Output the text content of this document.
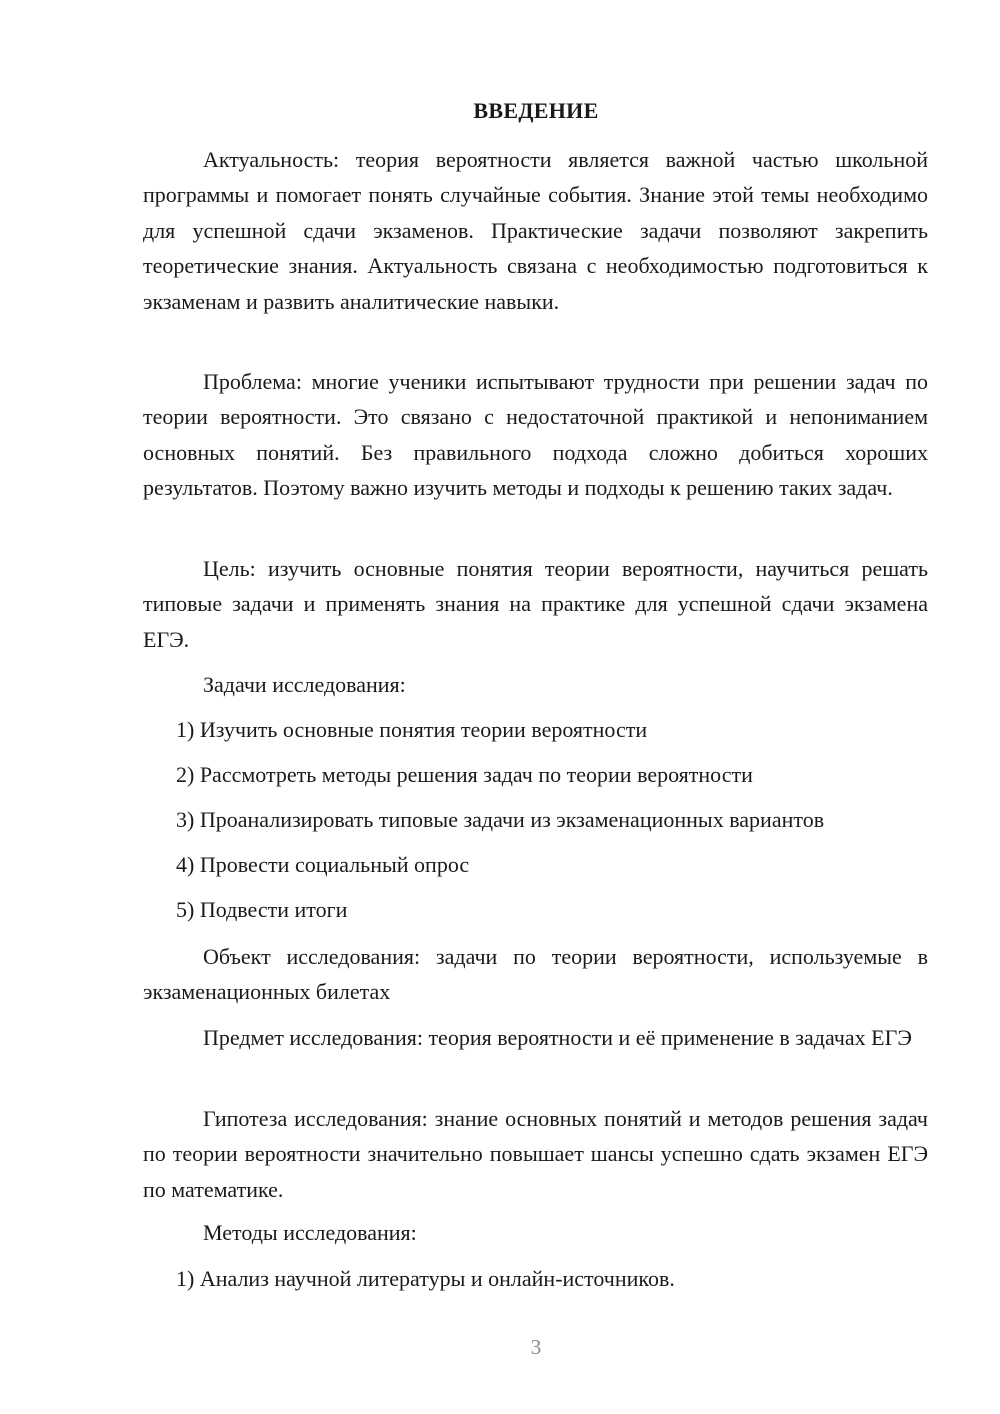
ВВЕДЕНИЕ

Актуальность: теория вероятности является важной частью школьной программы и помогает понять случайные события. Знание этой темы необходимо для успешной сдачи экзаменов. Практические задачи позволяют закрепить теоретические знания. Актуальность связана с необходимостью подготовиться к экзаменам и развить аналитические навыки.

Проблема: многие ученики испытывают трудности при решении задач по теории вероятности. Это связано с недостаточной практикой и непониманием основных понятий. Без правильного подхода сложно добиться хороших результатов. Поэтому важно изучить методы и подходы к решению таких задач.

Цель: изучить основные понятия теории вероятности, научиться решать типовые задачи и применять знания на практике для успешной сдачи экзамена ЕГЭ.

Задачи исследования:

1) Изучить основные понятия теории вероятности

2) Рассмотреть методы решения задач по теории вероятности

3) Проанализировать типовые задачи из экзаменационных вариантов

4) Провести социальный опрос

5) Подвести итоги

Объект исследования: задачи по теории вероятности, используемые в экзаменационных билетах

Предмет исследования: теория вероятности и её применение в задачах ЕГЭ

Гипотеза исследования: знание основных понятий и методов решения задач по теории вероятности значительно повышает шансы успешно сдать экзамен ЕГЭ по математике.

Методы исследования:

1) Анализ научной литературы и онлайн-источников.

3
